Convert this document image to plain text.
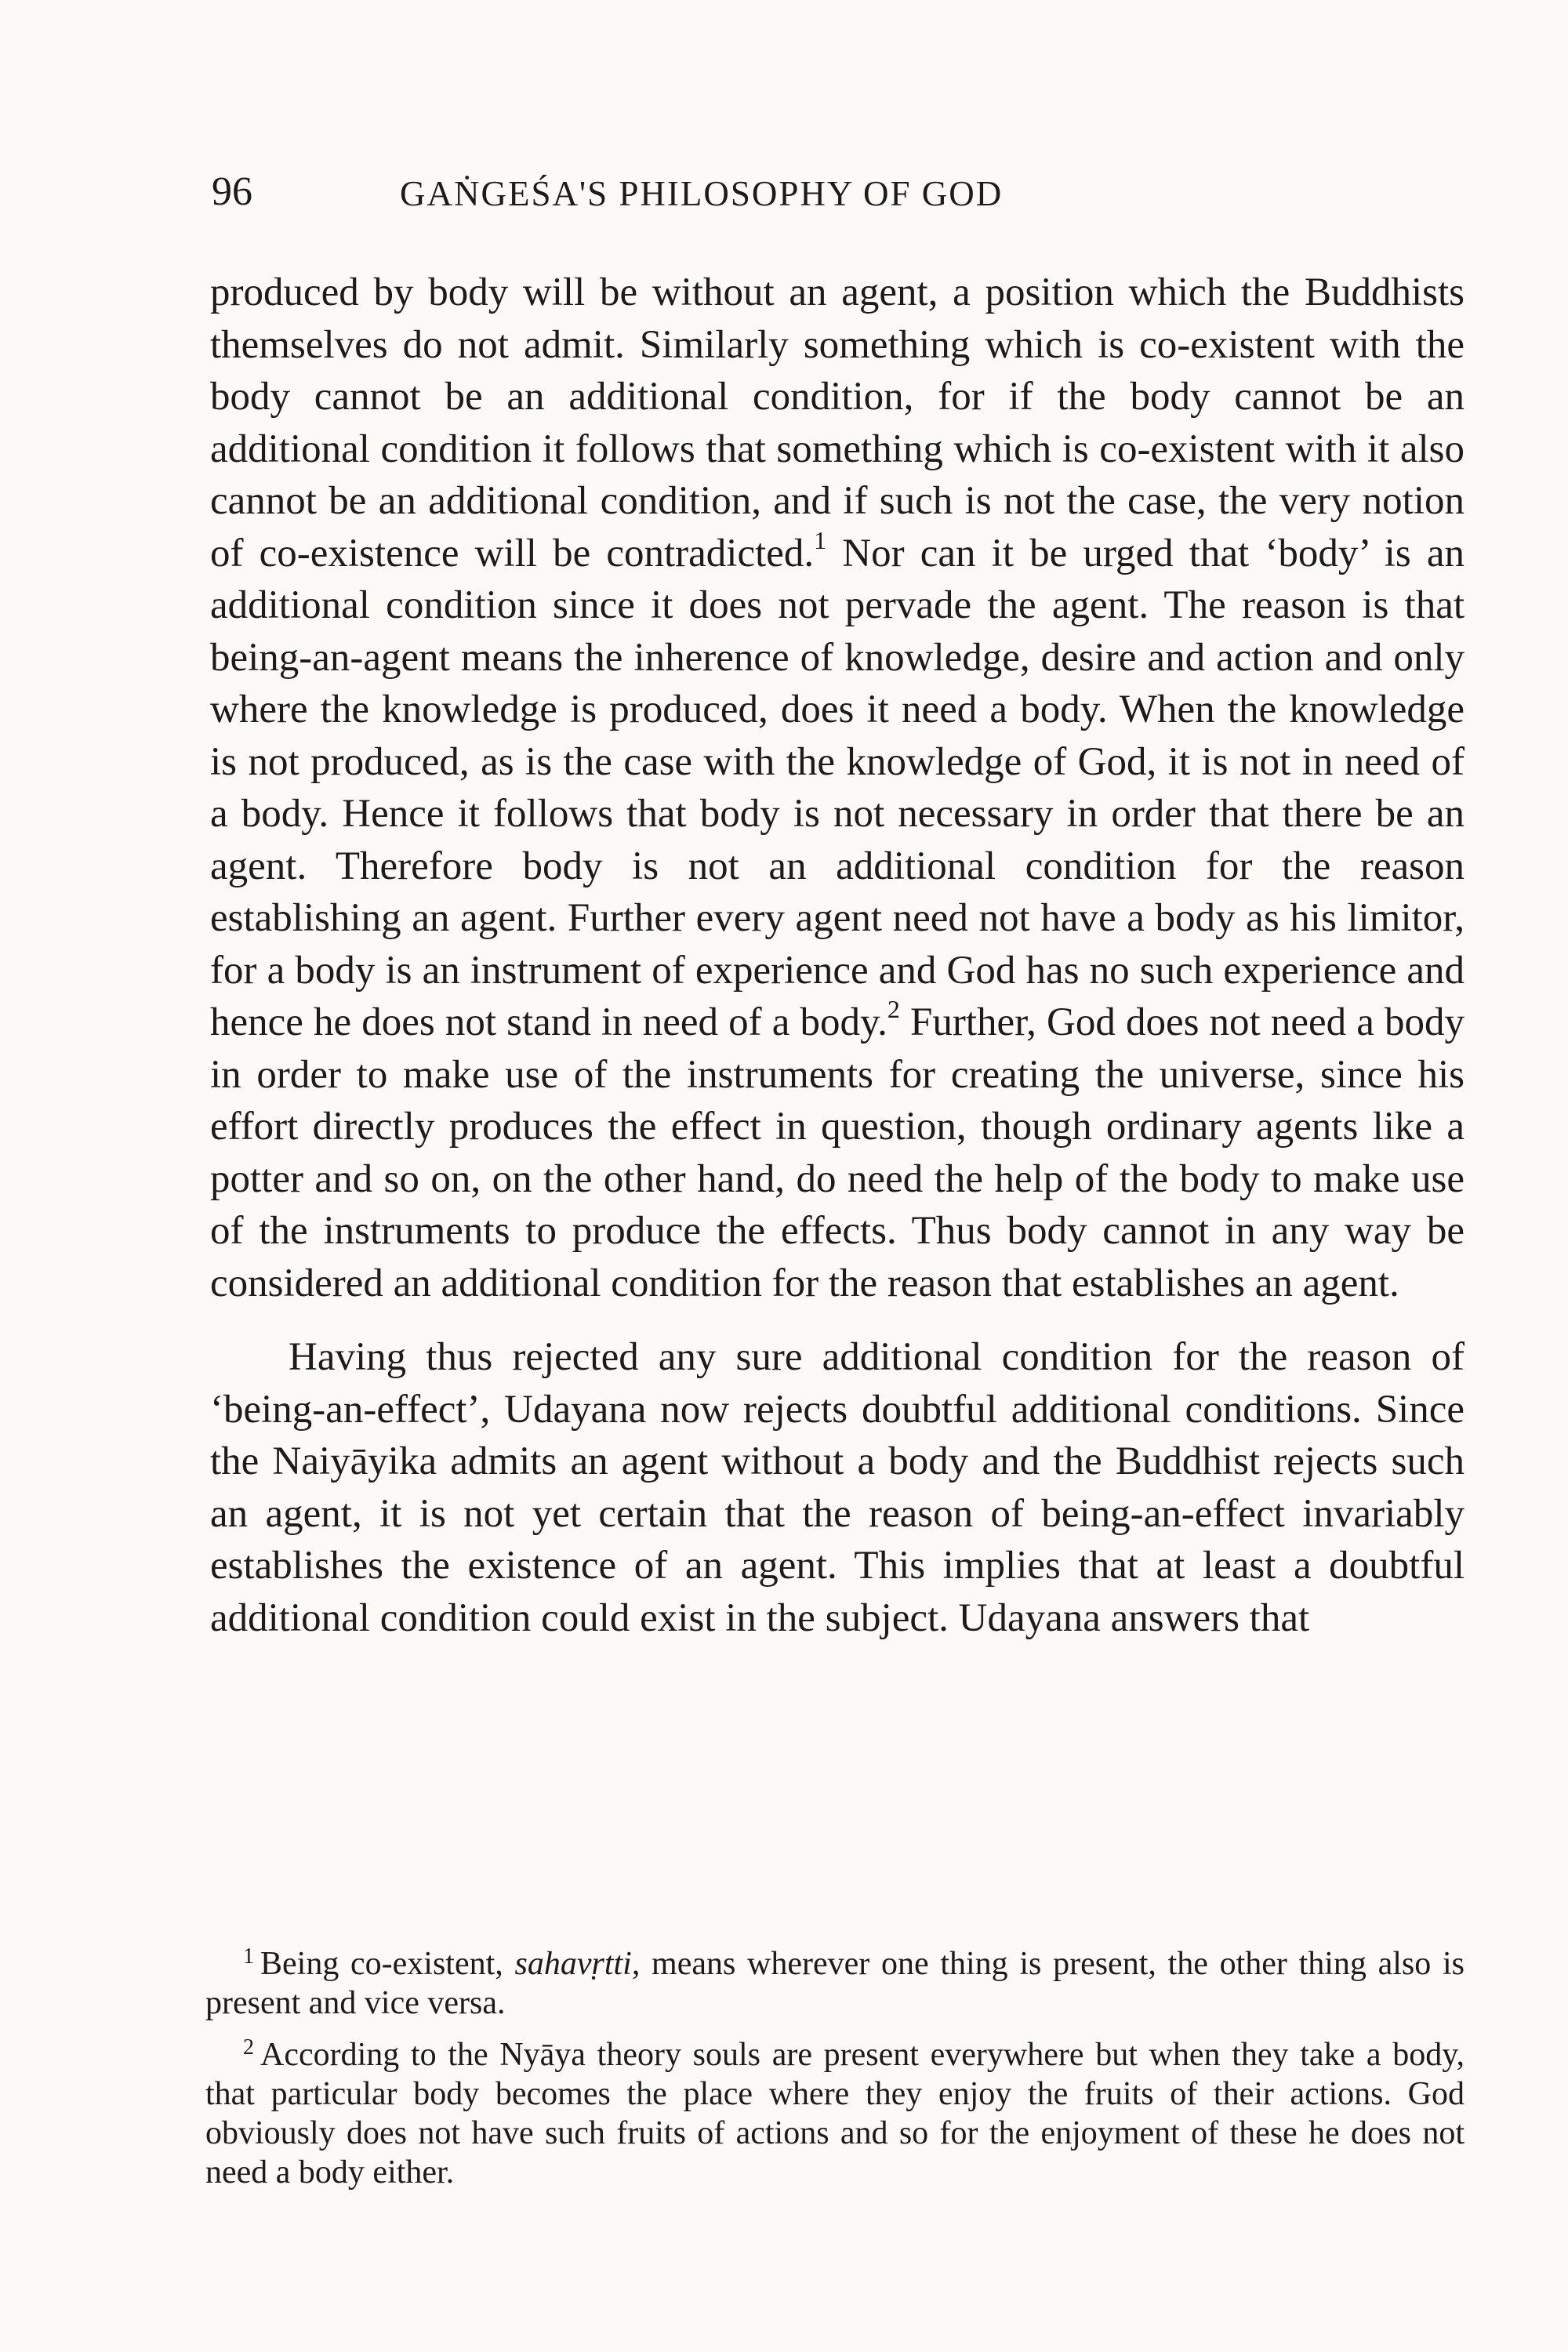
96	GAṄGEŚA'S PHILOSOPHY OF GOD

produced by body will be without an agent, a position which the Buddhists themselves do not admit. Similarly something which is co-existent with the body cannot be an additional condition, for if the body cannot be an additional condition it follows that something which is co-existent with it also cannot be an additional condition, and if such is not the case, the very notion of co-existence will be contradicted.$^1$ Nor can it be urged that ‘body’ is an additional condition since it does not pervade the agent. The reason is that being-an-agent means the inherence of knowledge, desire and action and only where the knowledge is produced, does it need a body. When the knowledge is not produced, as is the case with the knowledge of God, it is not in need of a body. Hence it follows that body is not necessary in order that there be an agent. Therefore body is not an additional condition for the reason establishing an agent. Further every agent need not have a body as his limitor, for a body is an instrument of experience and God has no such experience and hence he does not stand in need of a body.$^2$ Further, God does not need a body in order to make use of the instruments for creating the universe, since his effort directly produces the effect in question, though ordinary agents like a potter and so on, on the other hand, do need the help of the body to make use of the instruments to produce the effects. Thus body cannot in any way be considered an additional condition for the reason that establishes an agent.

Having thus rejected any sure additional condition for the reason of ‘being-an-effect’, Udayana now rejects doubtful additional conditions. Since the Naiyāyika admits an agent without a body and the Buddhist rejects such an agent, it is not yet certain that the reason of being-an-effect invariably establishes the existence of an agent. This implies that at least a doubtful additional condition could exist in the subject. Udayana answers that

$^1$ Being co-existent, sahavṛtti, means wherever one thing is present, the other thing also is present and vice versa.

$^2$ According to the Nyāya theory souls are present everywhere but when they take a body, that particular body becomes the place where they enjoy the fruits of their actions. God obviously does not have such fruits of actions and so for the enjoyment of these he does not need a body either.
